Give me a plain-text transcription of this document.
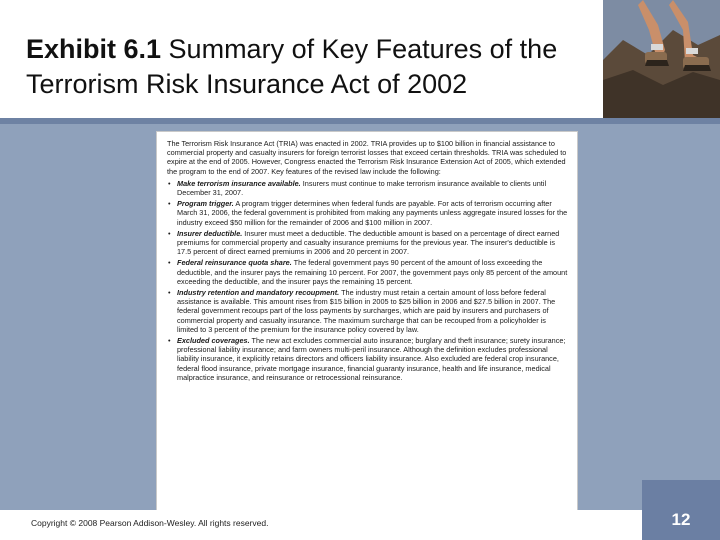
Exhibit 6.1 Summary of Key Features of the Terrorism Risk Insurance Act of 2002

The Terrorism Risk Insurance Act (TRIA) was enacted in 2002. TRIA provides up to $100 billion in financial assistance to commercial property and casualty insurers for foreign terrorist losses that exceed certain thresholds. TRIA was scheduled to expire at the end of 2005. However, Congress enacted the Terrorism Risk Insurance Extension Act of 2005, which extended the program to the end of 2007. Key features of the revised law include the following:

• Make terrorism insurance available. Insurers must continue to make terrorism insurance available to clients until December 31, 2007.
• Program trigger. A program trigger determines when federal funds are payable. For acts of terrorism occurring after March 31, 2006, the federal government is prohibited from making any payments unless aggregate insured losses for the industry exceed $50 million for the remainder of 2006 and $100 million in 2007.
• Insurer deductible. Insurer must meet a deductible. The deductible amount is based on a percentage of direct earned premiums for commercial property and casualty insurance premiums for the previous year. The insurer's deductible is 17.5 percent of direct earned premiums in 2006 and 20 percent in 2007.
• Federal reinsurance quota share. The federal government pays 90 percent of the amount of loss exceeding the deductible, and the insurer pays the remaining 10 percent. For 2007, the government pays only 85 percent of the amount exceeding the deductible, and the insurer pays the remaining 15 percent.
• Industry retention and mandatory recoupment. The industry must retain a certain amount of loss before federal assistance is available. This amount rises from $15 billion in 2005 to $25 billion in 2006 and $27.5 billion in 2007. The federal government recoups part of the loss payments by surcharges, which are paid by insurers and purchasers of commercial property and casualty insurance. The maximum surcharge that can be recouped from a policyholder is limited to 3 percent of the premium for the insurance policy covered by law.
• Excluded coverages. The new act excludes commercial auto insurance; burglary and theft insurance; surety insurance; professional liability insurance; and farm owners multi-peril insurance. Although the definition excludes professional liability insurance, it explicitly retains directors and officers liability insurance. Also excluded are federal crop insurance, federal flood insurance, private mortgage insurance, financial guaranty insurance, health and life insurance, medical malpractice insurance, and reinsurance or retrocessional reinsurance.
Copyright © 2008 Pearson Addison-Wesley. All rights reserved.	12
